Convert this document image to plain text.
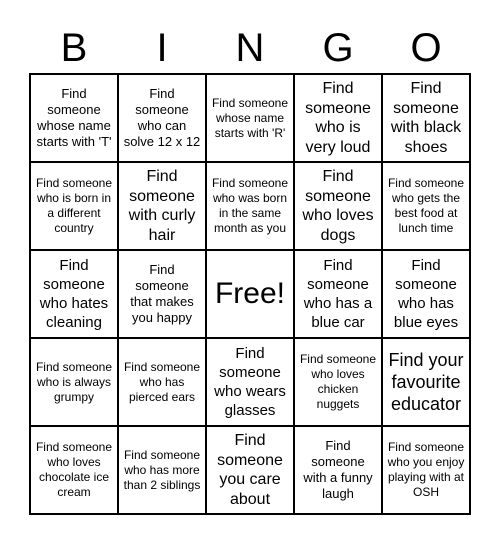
B	I	N	G	O
Find someone whose name starts with 'T'
Find someone who can solve 12 x 12
Find someone whose name starts with 'R'
Find someone who is very loud
Find someone with black shoes
Find someone who is born in a different country
Find someone with curly hair
Find someone who was born in the same month as you
Find someone who loves dogs
Find someone who gets the best food at lunch time
Find someone who hates cleaning
Find someone that makes you happy
Free!
Find someone who has a blue car
Find someone who has blue eyes
Find someone who is always grumpy
Find someone who has pierced ears
Find someone who wears glasses
Find someone who loves chicken nuggets
Find your favourite educator
Find someone who loves chocolate ice cream
Find someone who has more than 2 siblings
Find someone you care about
Find someone with a funny laugh
Find someone who you enjoy playing with at OSH
